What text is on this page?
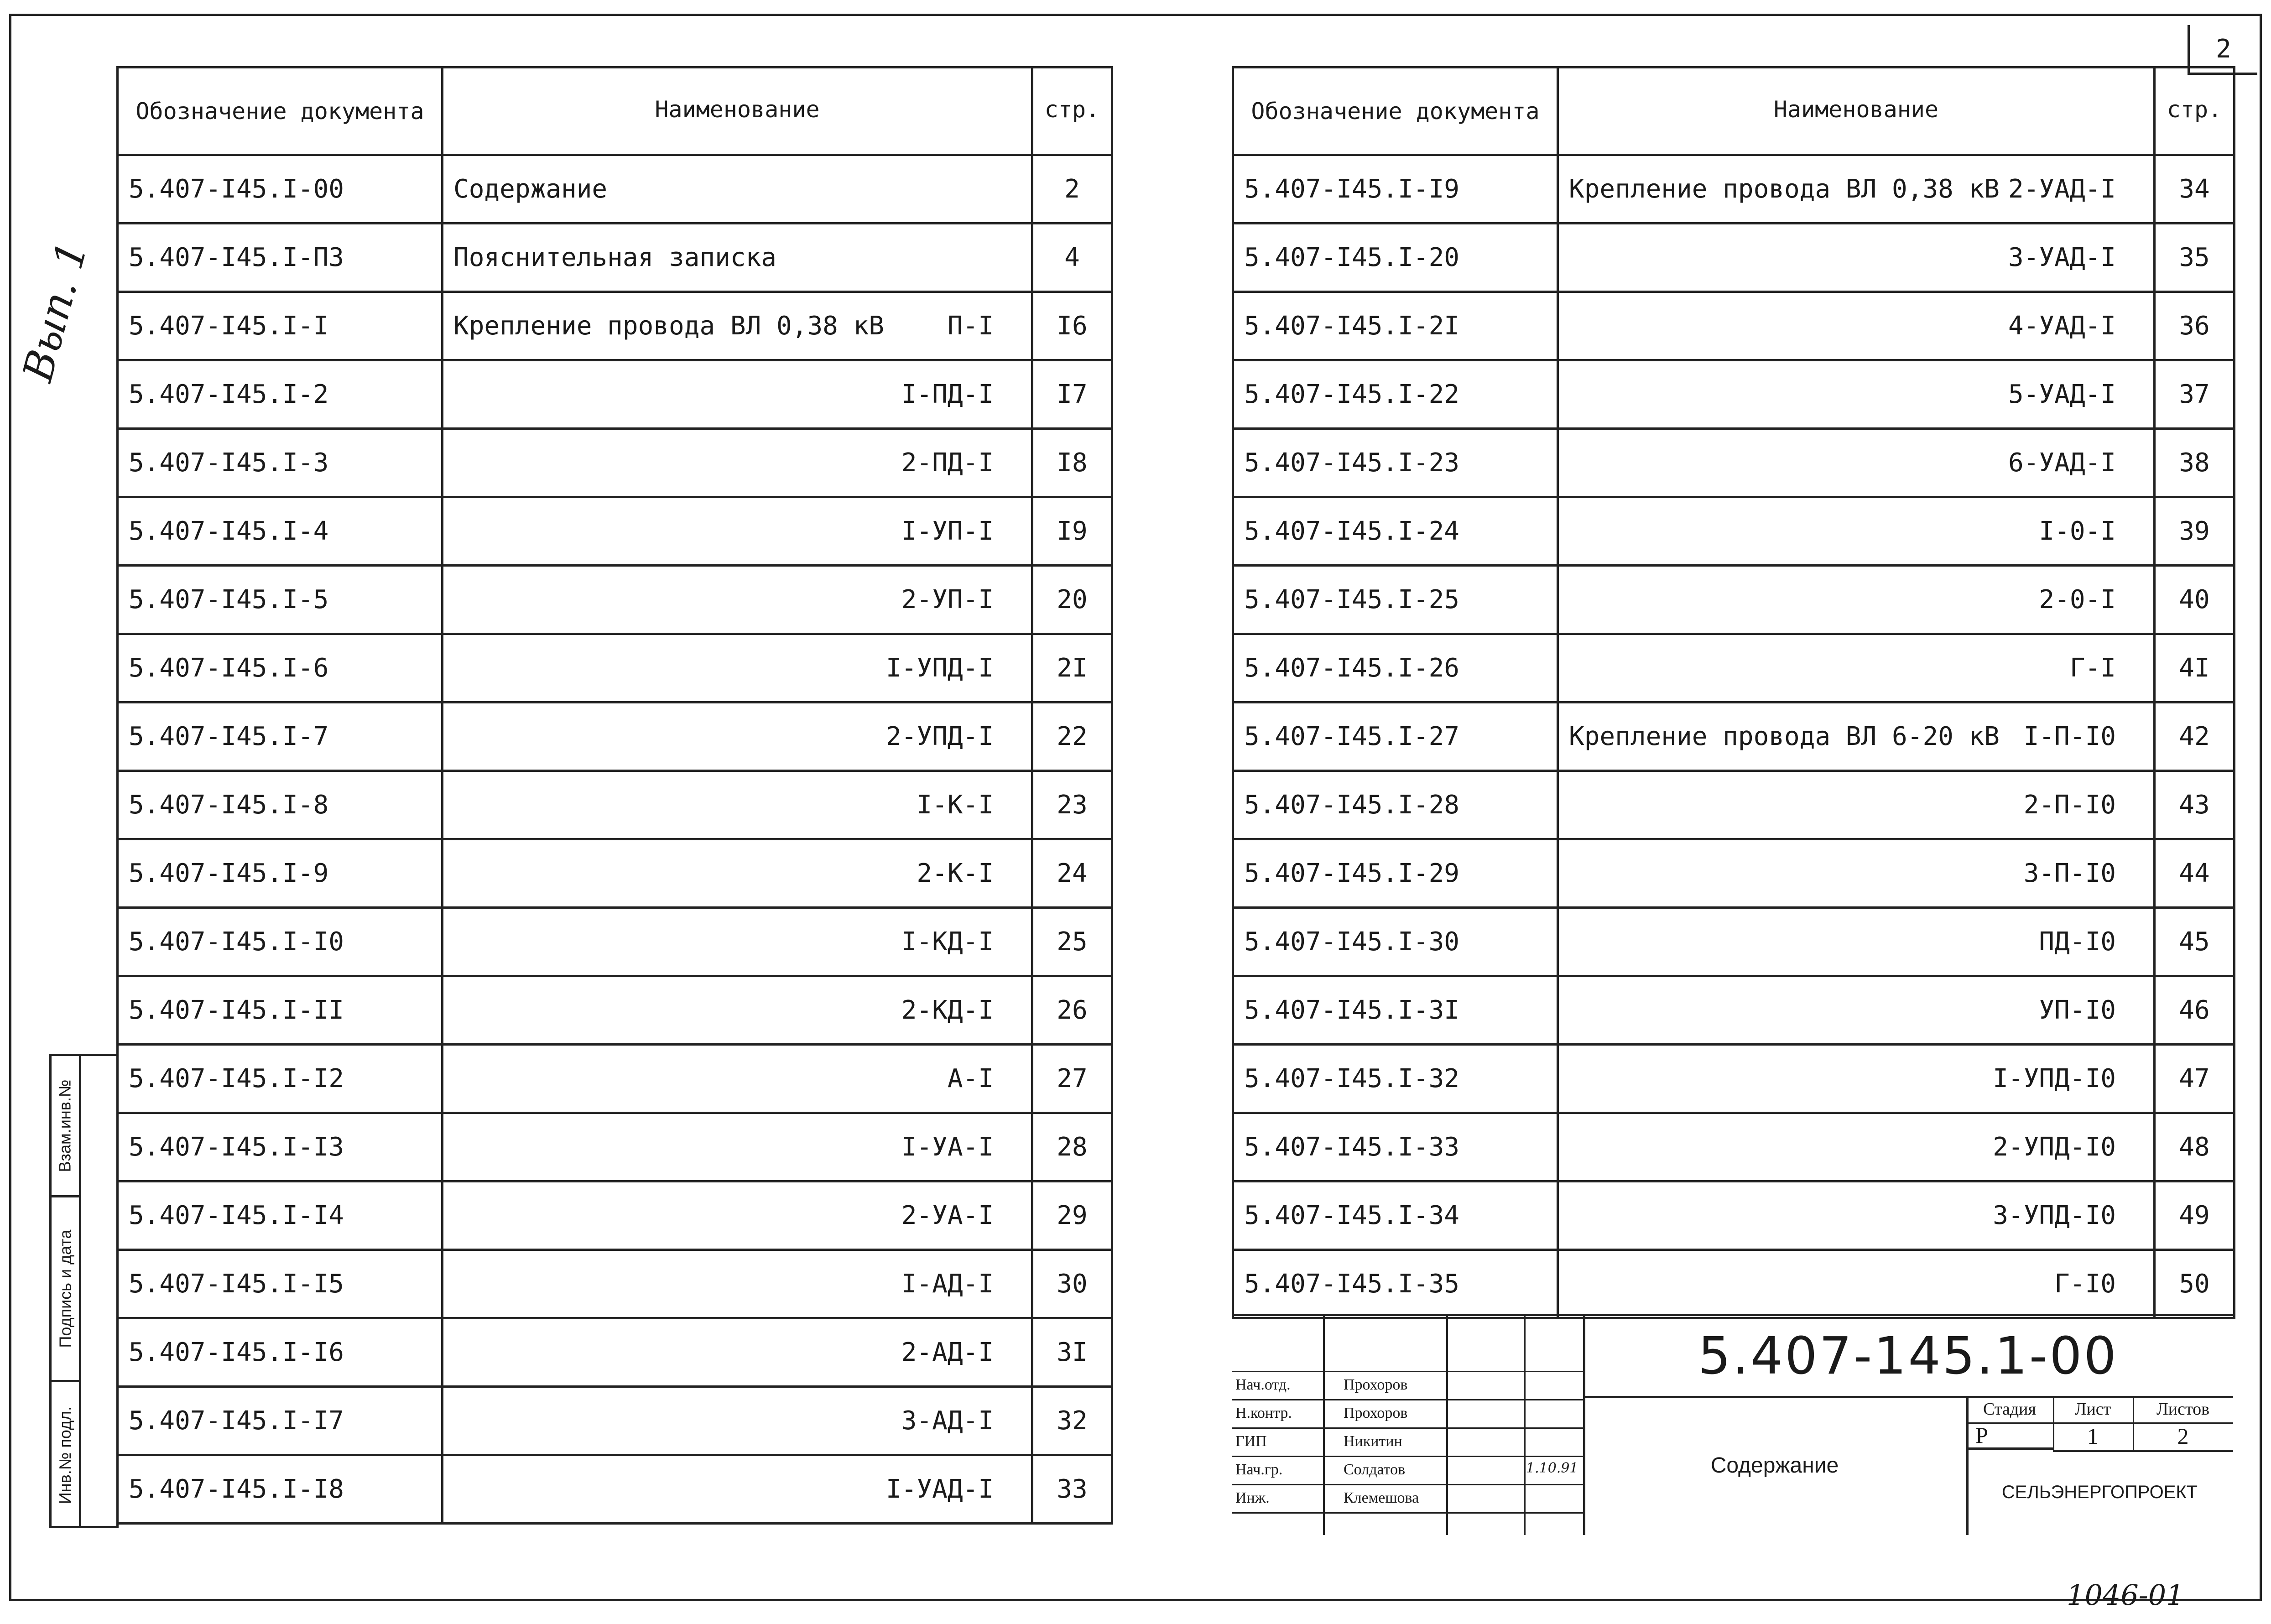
2
Обозначение документа	Наименование	стр.
5.407-I45.I-00	Содержание	2
5.407-I45.I-ПЗ	Пояснительная записка	4
5.407-I45.I-I	Крепление провода ВЛ 0,38 кВ П-I	I6
5.407-I45.I-2	I-ПД-I	I7
5.407-I45.I-3	2-ПД-I	I8
5.407-I45.I-4	I-УП-I	I9
5.407-I45.I-5	2-УП-I	20
5.407-I45.I-6	I-УПД-I	2I
5.407-I45.I-7	2-УПД-I	22
5.407-I45.I-8	I-К-I	23
5.407-I45.I-9	2-К-I	24
5.407-I45.I-I0	I-КД-I	25
5.407-I45.I-II	2-КД-I	26
5.407-I45.I-I2	А-I	27
5.407-I45.I-I3	I-УА-I	28
5.407-I45.I-I4	2-УА-I	29
5.407-I45.I-I5	I-АД-I	30
5.407-I45.I-I6	2-АД-I	3I
5.407-I45.I-I7	3-АД-I	32
5.407-I45.I-I8	I-УАД-I	33
Обозначение документа	Наименование	стр.
5.407-I45.I-I9	Крепление провода ВЛ 0,38 кВ 2-УАД-I	34
5.407-I45.I-20	3-УАД-I	35
5.407-I45.I-2I	4-УАД-I	36
5.407-I45.I-22	5-УАД-I	37
5.407-I45.I-23	6-УАД-I	38
5.407-I45.I-24	I-0-I	39
5.407-I45.I-25	2-0-I	40
5.407-I45.I-26	Г-I	4I
5.407-I45.I-27	Крепление провода ВЛ 6-20 кВ I-П-I0	42
5.407-I45.I-28	2-П-I0	43
5.407-I45.I-29	3-П-I0	44
5.407-I45.I-30	ПД-I0	45
5.407-I45.I-3I	УП-I0	46
5.407-I45.I-32	I-УПД-I0	47
5.407-I45.I-33	2-УПД-I0	48
5.407-I45.I-34	3-УПД-I0	49
5.407-I45.I-35	Г-I0	50
Взам.инв.№
Подпись и дата
Инв.№ подл.
Вып. 1
Нач.отд.	Прохоров
Н.контр.	Прохоров
ГИП	Никитин
Нач.гр.	Солдатов
Инж.	Клемешова
1.10.91
5.407-145.1-00
Содержание
Стадия	Лист	Листов
Р	1	2
СЕЛЬЭНЕРГОПРОЕКТ
1046-01
